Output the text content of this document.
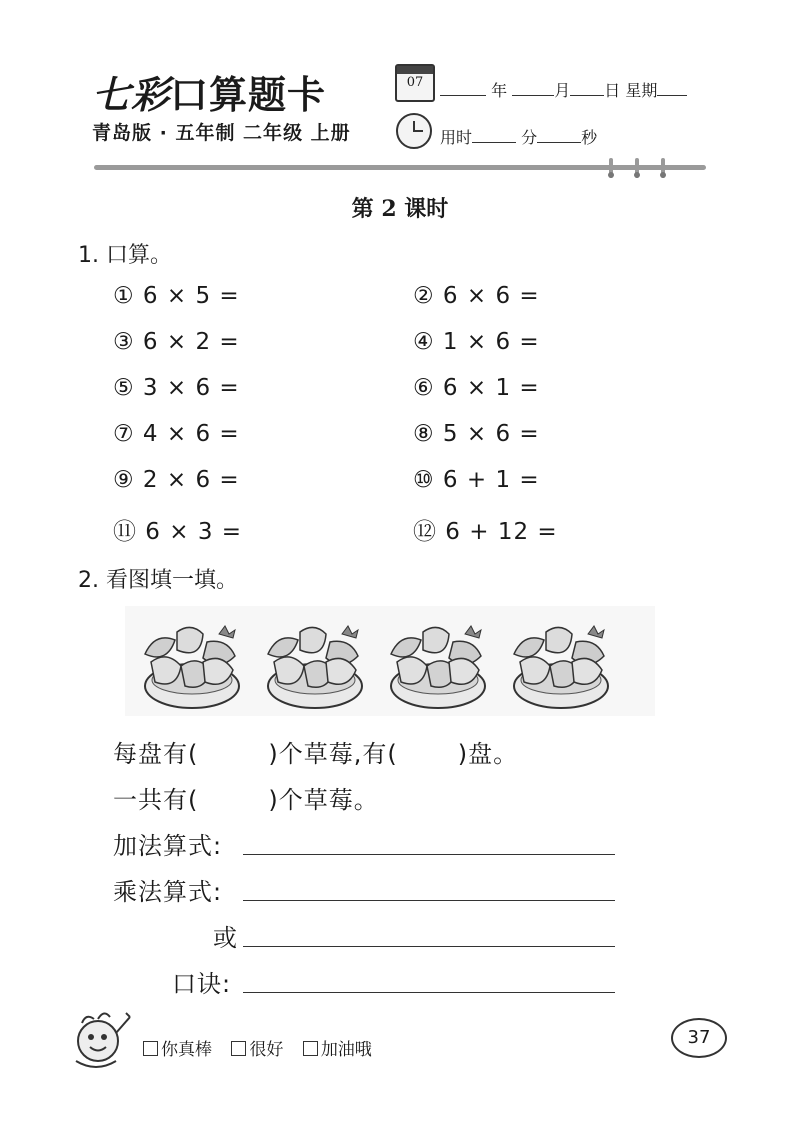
七彩口算题卡
青岛版 · 五年制 二年级 上册
07	年	月 日 星期
用时	分	秒
第 2 课时
1. 口算。
① 6 × 5 =	② 6 × 6 =
③ 6 × 2 =	④ 1 × 6 =
⑤ 3 × 6 =	⑥ 6 × 1 =
⑦ 4 × 6 =	⑧ 5 × 6 =
⑨ 2 × 6 =	⑩ 6 + 1 =
⑪ 6 × 3 =	⑫ 6 + 12 =
2. 看图填一填。
每盘有(	)个草莓,有(	)盘。
一共有(	)个草莓。
加法算式:
乘法算式:
或
口诀:
你真棒 很好 加油哦
37
